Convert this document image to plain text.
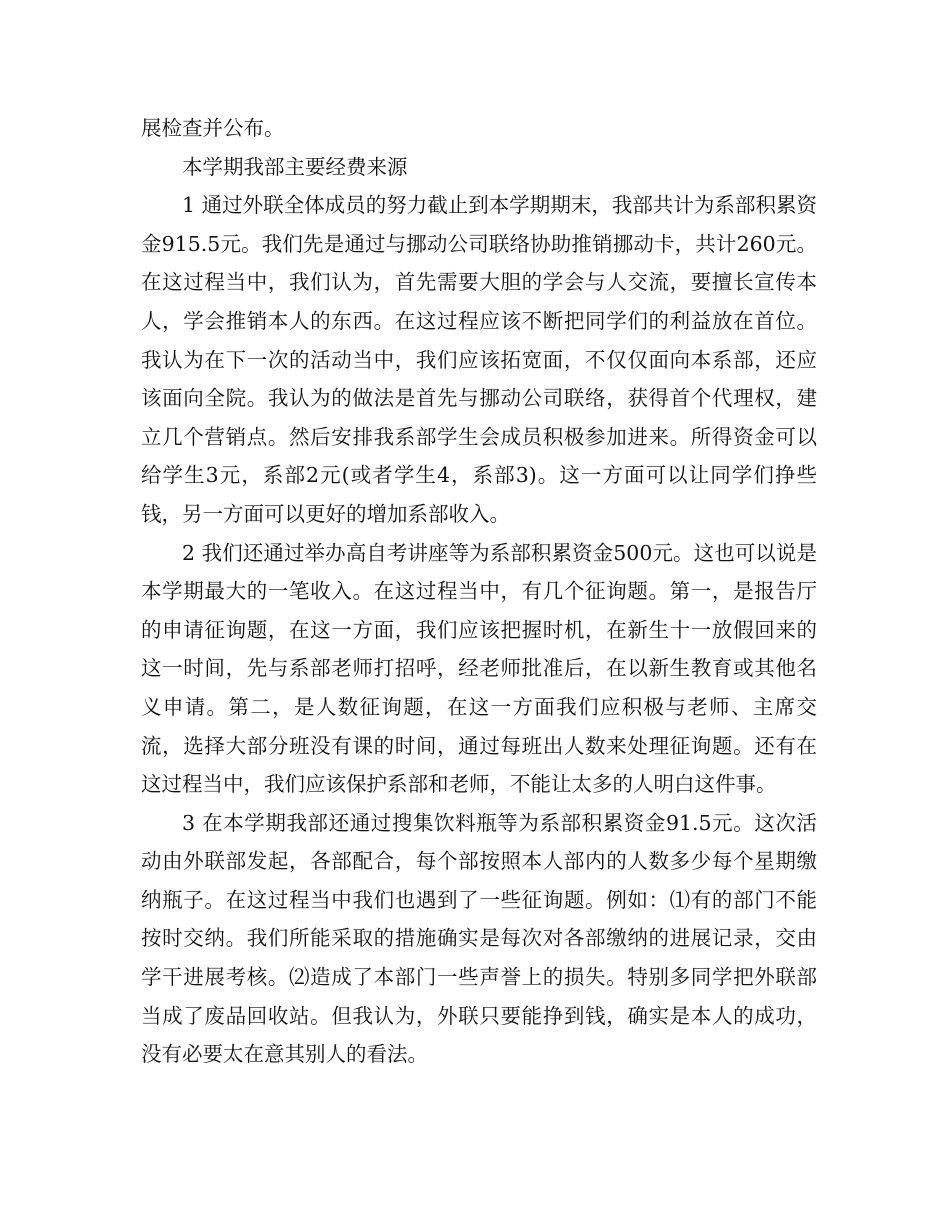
展检查并公布。

本学期我部主要经费来源

1 通过外联全体成员的努力截止到本学期期末，我部共计为系部积累资金915.5元。我们先是通过与挪动公司联络协助推销挪动卡，共计260元。在这过程当中，我们认为，首先需要大胆的学会与人交流，要擅长宣传本人，学会推销本人的东西。在这过程应该不断把同学们的利益放在首位。我认为在下一次的活动当中，我们应该拓宽面，不仅仅面向本系部，还应该面向全院。我认为的做法是首先与挪动公司联络，获得首个代理权，建立几个营销点。然后安排我系部学生会成员积极参加进来。所得资金可以给学生3元，系部2元(或者学生4，系部3)。这一方面可以让同学们挣些钱，另一方面可以更好的增加系部收入。

2 我们还通过举办高自考讲座等为系部积累资金500元。这也可以说是本学期最大的一笔收入。在这过程当中，有几个征询题。第一，是报告厅的申请征询题，在这一方面，我们应该把握时机，在新生十一放假回来的这一时间，先与系部老师打招呼，经老师批准后，在以新生教育或其他名义申请。第二，是人数征询题，在这一方面我们应积极与老师、主席交流，选择大部分班没有课的时间，通过每班出人数来处理征询题。还有在这过程当中，我们应该保护系部和老师，不能让太多的人明白这件事。

3 在本学期我部还通过搜集饮料瓶等为系部积累资金91.5元。这次活动由外联部发起，各部配合，每个部按照本人部内的人数多少每个星期缴纳瓶子。在这过程当中我们也遇到了一些征询题。例如：⑴有的部门不能按时交纳。我们所能采取的措施确实是每次对各部缴纳的进展记录，交由学干进展考核。⑵造成了本部门一些声誉上的损失。特别多同学把外联部当成了废品回收站。但我认为，外联只要能挣到钱，确实是本人的成功，没有必要太在意其别人的看法。
